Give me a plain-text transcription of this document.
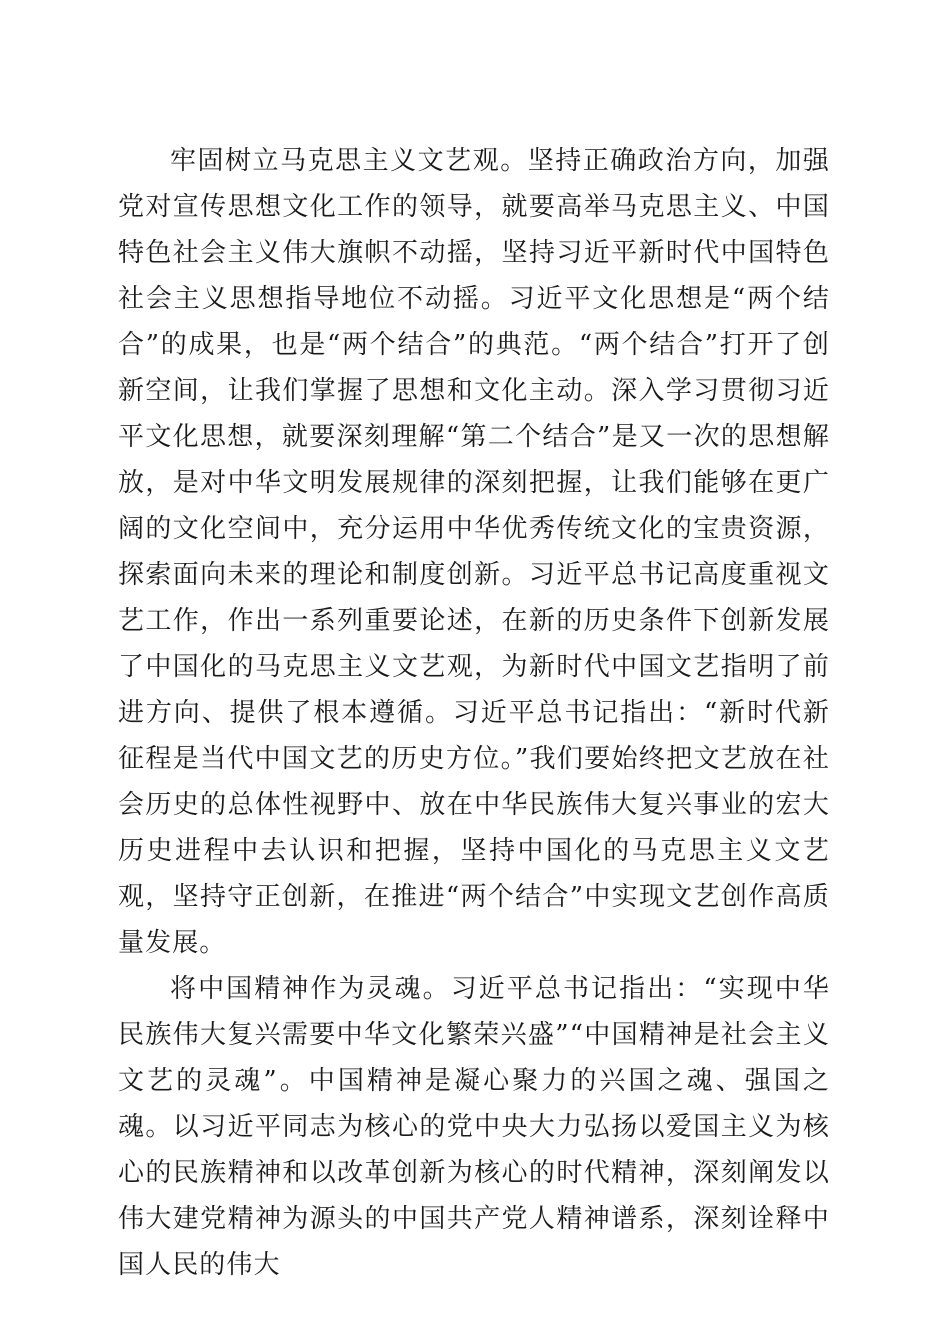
牢固树立马克思主义文艺观。坚持正确政治方向，加强党对宣传思想文化工作的领导，就要高举马克思主义、中国特色社会主义伟大旗帜不动摇，坚持习近平新时代中国特色社会主义思想指导地位不动摇。习近平文化思想是“两个结合”的成果，也是“两个结合”的典范。“两个结合”打开了创新空间，让我们掌握了思想和文化主动。深入学习贯彻习近平文化思想，就要深刻理解“第二个结合”是又一次的思想解放，是对中华文明发展规律的深刻把握，让我们能够在更广阔的文化空间中，充分运用中华优秀传统文化的宝贵资源，探索面向未来的理论和制度创新。习近平总书记高度重视文艺工作，作出一系列重要论述，在新的历史条件下创新发展了中国化的马克思主义文艺观，为新时代中国文艺指明了前进方向、提供了根本遵循。习近平总书记指出：“新时代新征程是当代中国文艺的历史方位。”我们要始终把文艺放在社会历史的总体性视野中、放在中华民族伟大复兴事业的宏大历史进程中去认识和把握，坚持中国化的马克思主义文艺观，坚持守正创新，在推进“两个结合”中实现文艺创作高质量发展。

将中国精神作为灵魂。习近平总书记指出：“实现中华民族伟大复兴需要中华文化繁荣兴盛”“中国精神是社会主义文艺的灵魂”。中国精神是凝心聚力的兴国之魂、强国之魂。以习近平同志为核心的党中央大力弘扬以爱国主义为核心的民族精神和以改革创新为核心的时代精神，深刻阐发以伟大建党精神为源头的中国共产党人精神谱系，深刻诠释中国人民的伟大
